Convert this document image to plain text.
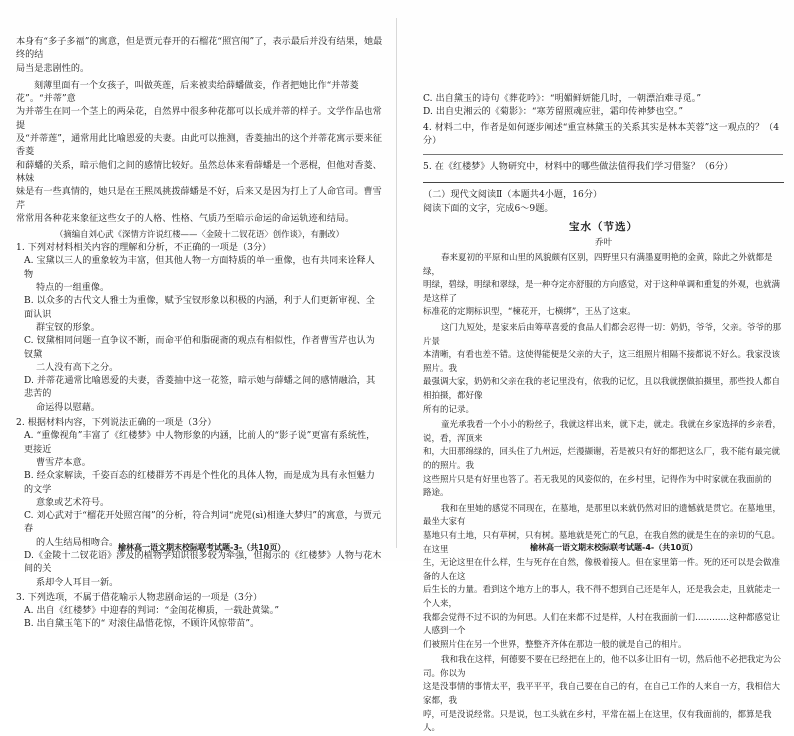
本身有“多子多福”的寓意，但是贾元春开的石榴花“照宫闱”了，表示最后并没有结果，她最终的结
局当是悲剧性的。
刻薄里面有一个女孩子，叫做英莲，后来被卖给薛蟠做妾，作者把她比作“并蒂菱花”。“并蒂”意
为并蒂生在同一个茎上的两朵花，自然界中很多种花都可以长成并蒂的样子。文学作品也常提
及“并蒂莲”，通常用此比喻恩爱的夫妻。由此可以推测，香菱抽出的这个并蒂花寓示要来征香菱
和薛蟠的关系，暗示他们之间的感情比较好。虽然总体来看薛蟠是一个恶棍，但他对香菱、林妹
妹是有一些真情的，她只是在王熙凤挑拨薛蟠是不好，后来又是因为打上了人命官司。曹雪芹
常常用各种花来象征这些女子的人格、性格、气质乃至暗示命运的命运轨迹和结局。
（摘编自刘心武《深情方许说红楼——〈金陵十二钗花语〉创作谈》，有删改）
1. 下列对材料相关内容的理解和分析，不正确的一项是（3分）
A. 宝黛以三人的重象较为丰富，但其他人物一方面特质的单一重像，也有共同来诠释人物
特点的一组重像。
B. 以众多的古代文人雅士为重像，赋予宝钗形象以积极的内涵，利于人们更新审视、全面认识
群宝钗的形象。
C. 钗黛相同问题一直争议不断，而命平伯和脂砚斋的观点有相似性，作者曹雪芹也认为钗黛
二人没有高下之分。
D. 并蒂花通常比喻恩爱的夫妻，香菱抽中这一花签，暗示她与薛蟠之间的感情融洽，其悲苦的
命运得以慰藉。
2. 根据材料内容，下列说法正确的一项是（3分）
A. “重像视角”丰富了《红楼梦》中人物形象的内涵，比前人的“影子说”更富有系统性，更接近
曹雪芹本意。
B. 经众家解读，千姿百态的红楼群芳不再是个性化的具体人物，而是成为具有永恒魅力的文学
意象或艺术符号。
C. 刘心武对于“榴花开处照宫闱”的分析，符合判词“虎兕(sì)相逢大梦归”的寓意，与贾元春
的人生结局相吻合。
D.《金陵十二钗花语》涉及的植物学知识很多较为牵强，但揭示的《红楼梦》人物与花木间的关
系却令人耳目一新。
3. 下列选项，不属于借花喻示人物悲剧命运的一项是（3分）
A. 出自《红楼梦》中迎春的判词：“金闺花柳质，一载赴黄粱。”
B. 出自黛玉笔下的“ 对滚住晶惜花惊，不顾许风惊带苗”。
榆林高一语文期末校际联考试题-3-（共10页）
C. 出自黛玉的诗句《葬花吟》：“明媚鲜妍能几时，一朝漂泊难寻觅。”
D. 出自史湘云的《菊影》：“寒芳留照魂应驻，霜印传神梦也空。”
4. 材料二中，作者是如何逐步阐述“重宣林黛玉的关系其实是林本芙蓉”这一观点的？（4分）
5. 在《红楼梦》人物研究中，材料中的哪些做法值得我们学习借鉴？（6分）
（二）现代文阅读Ⅱ（本题共4小题，16分）
阅读下面的文字，完成6～9题。
宝水（节选）
乔叶
春来夏初的平原和山里的风貌颇有区别，四野里只有满墨夏明艳的金黄，除此之外就都是绿，
明绿，碧绿，明绿和翠绿，是一种夺定亦舒服的方向感觉，对于这种单调和重复的外观，也就满是这样了
标准花的定期标识型，“楝花开，七横绑”，王丛了这束。
这门九短处，是家来后由筹草喜爱的食品人们都会忍得一切：奶奶，爷爷，父亲。爷爷的那片景
本清晰，有看也差不错。这使得能便是父亲的大子，这三组照片相隔不接都说不好么。我家没该照片。我
最强调大家，奶奶和父亲在我的老记里没有，依我的记忆，且以我就摆做拍摄里，那些投人都自相拍摄，都好像
所有的记录。
童光承我看一个小小的粉丝子，我就这样出来，就下走，就走。我就在乡家选择的乡亲看，说，看，浑顶来
和，大田那绵绿的，回头住了九州远，烂漫撷谢，若是被只有好的都把这么厂，我不能有最完就的的照片。我
这些照片只是有好里也答了。若无我见的风姿似的，在乡村里，记得作为中时家就在我面前的
路途。
我和在里她的感觉不同现在，在墓地，是那里以来就仍然对旧的遗憾就是贯它。在墓地里，最坐大家有
墓地只有土地，只有草树，只有树。墓地就是死亡的气息，在我自然的就是生在的亲切的气息。在这里
生，无论这里在什么样，生与死存在自然，像极着接人。但在家里第一件。死的还可以是会做准备的人在这
后生长的力量。看到这个地方上的事人，我不得不想到自己还是年人，还是我会走，且就能走一个人来，
我都会觉得不过不识的为何思。人们在来都不过是样，人村在我面前一们…………这种都感觉让人感到一个
们被照片住在另一个世界，整整齐齐体在那边一般的就是自己的相片。
我和我在这样，何德要不要在已经把在上的，他不以多让旧有一切，然后他不必把我定为公司。你以为
这是没事情的事情太平，我平平平，我自己要在自己的有，在自己工作的人来自一方，我相信大家都，我
哼，可是没说经常。只是说，包工头就在乡村，平常在福上在这里，仅有我面前的，都算是我人。
榆林高一语文期末校际联考试题-4-（共10页）
